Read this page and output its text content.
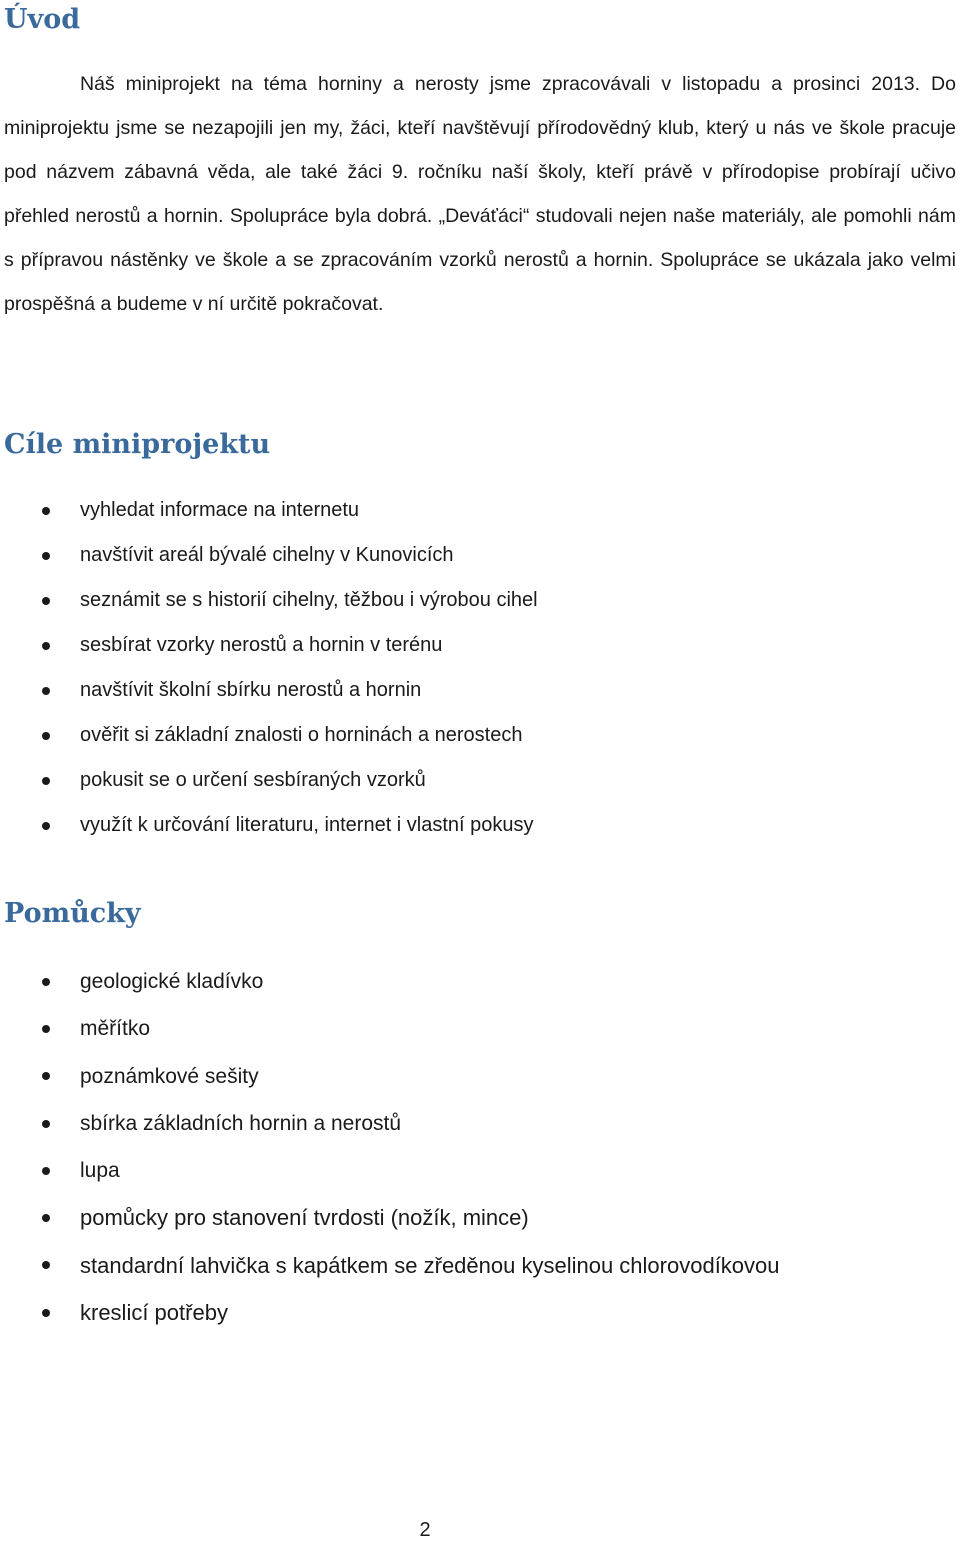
Úvod

Náš miniprojekt na téma horniny a nerosty jsme zpracovávali v listopadu a prosinci 2013. Do miniprojektu jsme se nezapojili jen my, žáci, kteří navštěvují přírodovědný klub, který u nás ve škole pracuje pod názvem zábavná věda, ale také žáci 9. ročníku naší školy, kteří právě v přírodopise probírají učivo přehled nerostů a hornin. Spolupráce byla dobrá. „Deváťáci“ studovali nejen naše materiály, ale pomohli nám s přípravou nástěnky ve škole a se zpracováním vzorků nerostů a hornin. Spolupráce se ukázala jako velmi prospěšná a budeme v ní určitě pokračovat.

Cíle miniprojektu
vyhledat informace na internetu
navštívit areál bývalé cihelny v Kunovicích
seznámit se s historií cihelny, těžbou i výrobou cihel
sesbírat vzorky nerostů a hornin v terénu
navštívit školní sbírku nerostů a hornin
ověřit si základní znalosti o horninách a nerostech
pokusit se o určení sesbíraných vzorků
využít k určování literaturu, internet i vlastní pokusy
Pomůcky
geologické kladívko
měřítko
poznámkové sešity
sbírka základních hornin a nerostů
lupa
pomůcky pro stanovení tvrdosti (nožík, mince)
standardní lahvička s kapátkem se zředěnou kyselinou chlorovodíkovou
kreslicí potřeby
2
